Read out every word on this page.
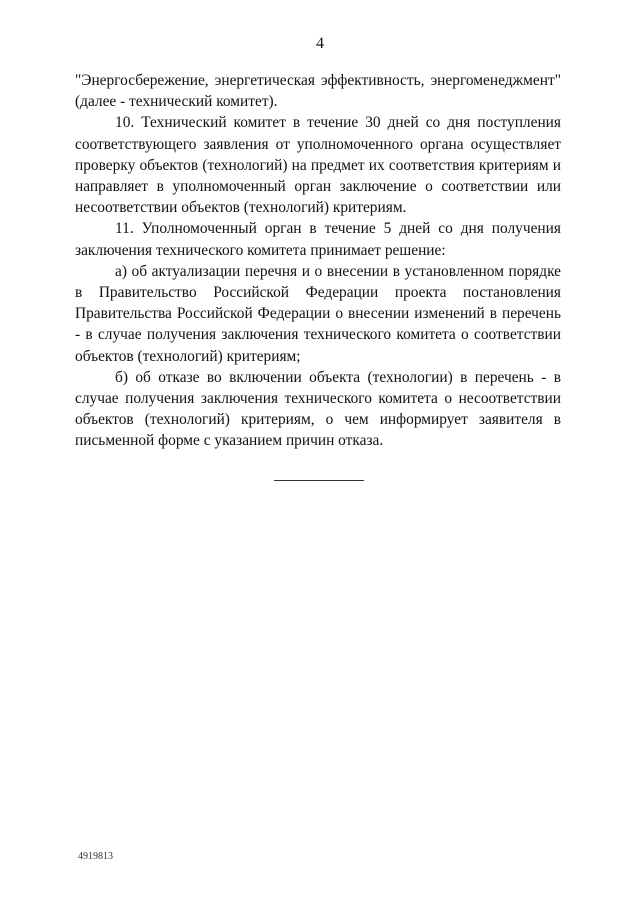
4

"Энергосбережение, энергетическая эффективность, энергоменеджмент" (далее - технический комитет).

10. Технический комитет в течение 30 дней со дня поступления соответствующего заявления от уполномоченного органа осуществляет проверку объектов (технологий) на предмет их соответствия критериям и направляет в уполномоченный орган заключение о соответствии или несоответствии объектов (технологий) критериям.

11. Уполномоченный орган в течение 5 дней со дня получения заключения технического комитета принимает решение:

а) об актуализации перечня и о внесении в установленном порядке в Правительство Российской Федерации проекта постановления Правительства Российской Федерации о внесении изменений в перечень - в случае получения заключения технического комитета о соответствии объектов (технологий) критериям;

б) об отказе во включении объекта (технологии) в перечень - в случае получения заключения технического комитета о несоответствии объектов (технологий) критериям, о чем информирует заявителя в письменной форме с указанием причин отказа.

4919813
